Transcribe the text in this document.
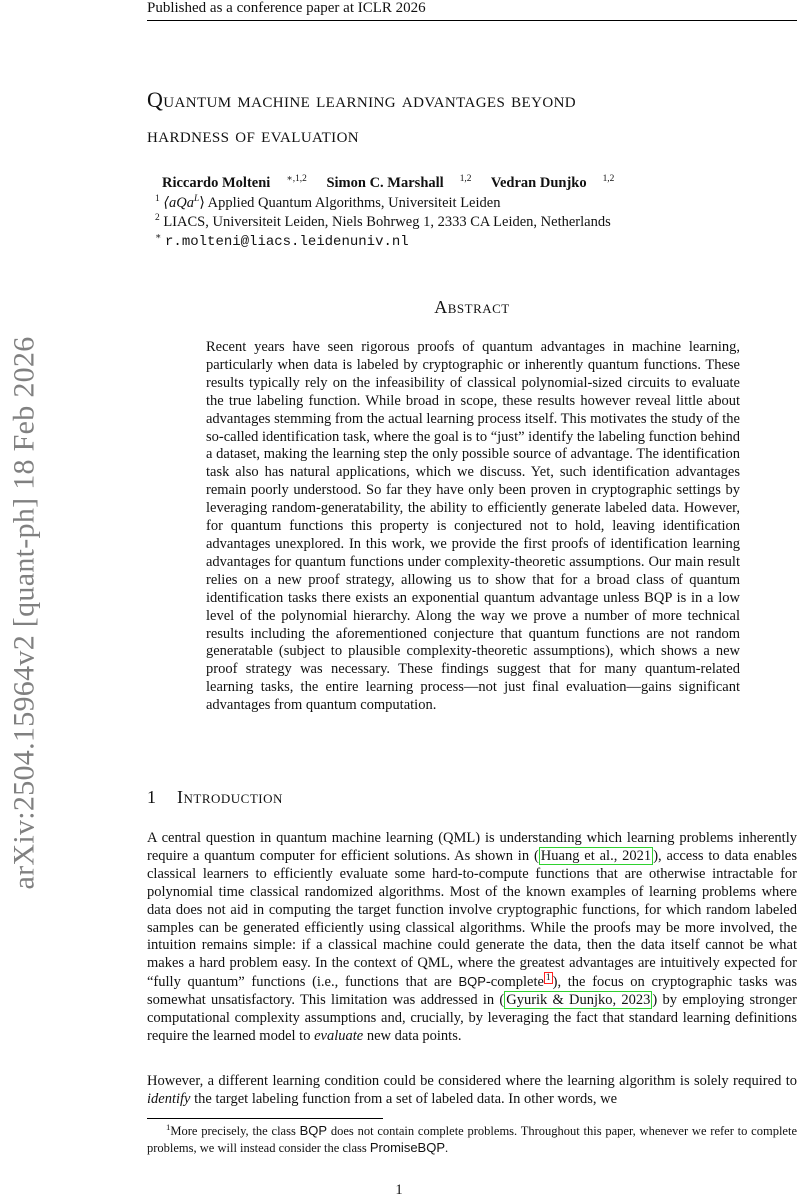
Published as a conference paper at ICLR 2026
arXiv:2504.15964v2 [quant-ph] 18 Feb 2026
Quantum machine learning advantages beyond
hardness of evaluation
Riccardo Molteni $^{∗,1,2}$ Simon C. Marshall $^{1,2}$ Vedran Dunjko $^{1,2}$
$^1$ ⟨aQa$^L$⟩ Applied Quantum Algorithms, Universiteit Leiden
$^2$ LIACS, Universiteit Leiden, Niels Bohrweg 1, 2333 CA Leiden, Netherlands
∗ r.molteni@liacs.leidenuniv.nl
Abstract
Recent years have seen rigorous proofs of quantum advantages in machine learning, particularly when data is labeled by cryptographic or inherently quantum functions. These results typically rely on the infeasibility of classical polynomial-sized circuits to evaluate the true labeling function. While broad in scope, these results however reveal little about advantages stemming from the actual learning process itself. This motivates the study of the so-called identification task, where the goal is to “just” identify the labeling function behind a dataset, making the learning step the only possible source of advantage. The identification task also has natural applications, which we discuss. Yet, such identification advantages remain poorly understood. So far they have only been proven in cryptographic settings by leveraging random-generatability, the ability to efficiently generate labeled data. However, for quantum functions this property is conjectured not to hold, leaving identification advantages unexplored. In this work, we provide the first proofs of identification learning advantages for quantum functions under complexity-theoretic assumptions. Our main result relies on a new proof strategy, allowing us to show that for a broad class of quantum identification tasks there exists an exponential quantum advantage unless BQP is in a low level of the polynomial hierarchy. Along the way we prove a number of more technical results including the aforementioned conjecture that quantum functions are not random generatable (subject to plausible complexity-theoretic assumptions), which shows a new proof strategy was necessary. These findings suggest that for many quantum-related learning tasks, the entire learning process—not just final evaluation—gains significant advantages from quantum computation.
1 Introduction
A central question in quantum machine learning (QML) is understanding which learning problems inherently require a quantum computer for efficient solutions. As shown in ( Huang et al., 2021 ), access to data enables classical learners to efficiently evaluate some hard-to-compute functions that are otherwise intractable for polynomial time classical randomized algorithms. Most of the known examples of learning problems where data does not aid in computing the target function involve cryptographic functions, for which random labeled samples can be generated efficiently using classical algorithms. While the proofs may be more involved, the intuition remains simple: if a classical machine could generate the data, then the data itself cannot be what makes a hard problem easy. In the context of QML, where the greatest advantages are intuitively expected for “fully quantum” functions (i.e., functions that are BQP-complete $^1$ ), the focus on cryptographic tasks was somewhat unsatisfactory. This limitation was addressed in ( Gyurik & Dunjko, 2023 ) by employing stronger computational complexity assumptions and, crucially, by leveraging the fact that standard learning definitions require the learned model to evaluate new data points.
However, a different learning condition could be considered where the learning algorithm is solely required to identify the target labeling function from a set of labeled data. In other words, we
$^1$More precisely, the class BQP does not contain complete problems. Throughout this paper, whenever we refer to complete problems, we will instead consider the class PromiseBQP.
1
